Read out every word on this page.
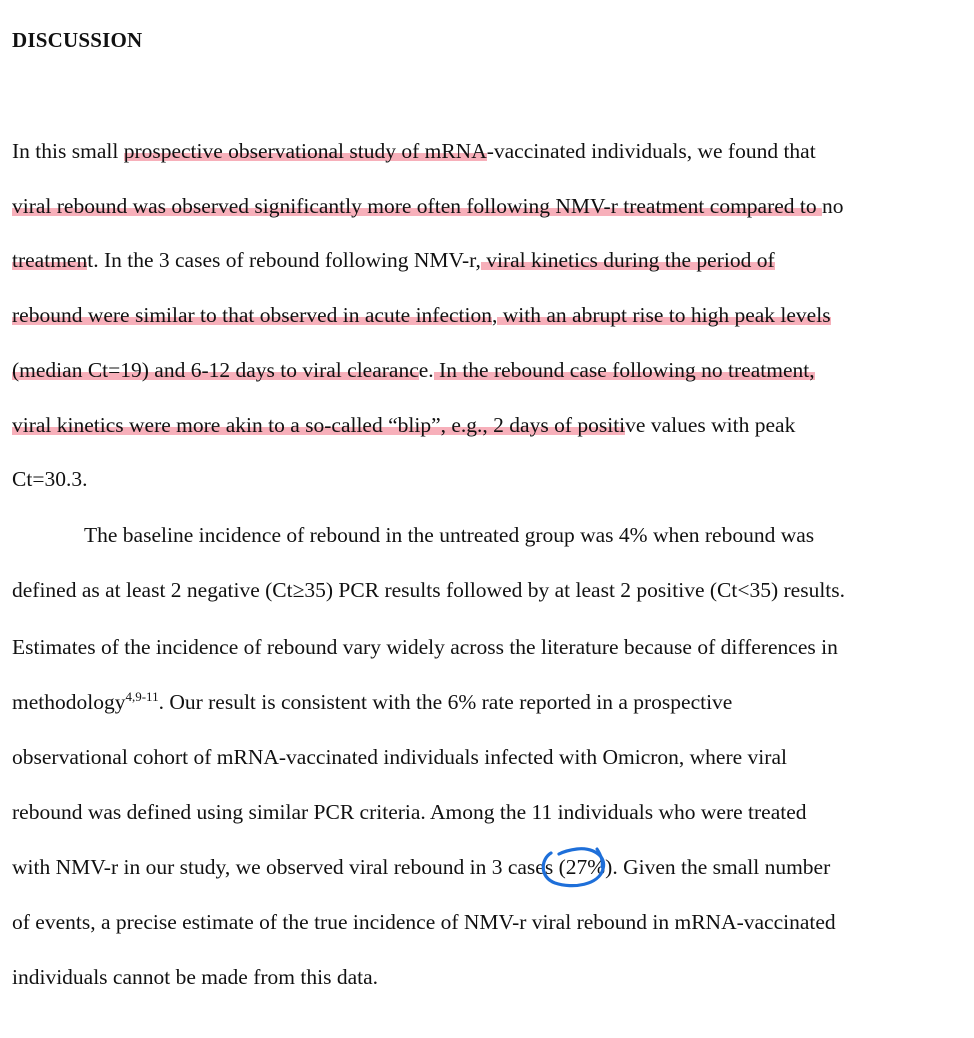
DISCUSSION
In this small prospective observational study of mRNA-vaccinated individuals, we found that
viral rebound was observed significantly more often following NMV-r treatment compared to no
treatment. In the 3 cases of rebound following NMV-r, viral kinetics during the period of
rebound were similar to that observed in acute infection, with an abrupt rise to high peak levels
(median Ct=19) and 6-12 days to viral clearance. In the rebound case following no treatment,
viral kinetics were more akin to a so-called “blip”, e.g., 2 days of positive values with peak
Ct=30.3.
The baseline incidence of rebound in the untreated group was 4% when rebound was
defined as at least 2 negative (Ct≥35) PCR results followed by at least 2 positive (Ct<35) results.
Estimates of the incidence of rebound vary widely across the literature because of differences in
methodology$^{4,9-11}$. Our result is consistent with the 6% rate reported in a prospective
observational cohort of mRNA-vaccinated individuals infected with Omicron, where viral
rebound was defined using similar PCR criteria. Among the 11 individuals who were treated
with NMV-r in our study, we observed viral rebound in 3 cases (27%)
. Given the small number
of events, a precise estimate of the true incidence of NMV-r viral rebound in mRNA-vaccinated
individuals cannot be made from this data.
